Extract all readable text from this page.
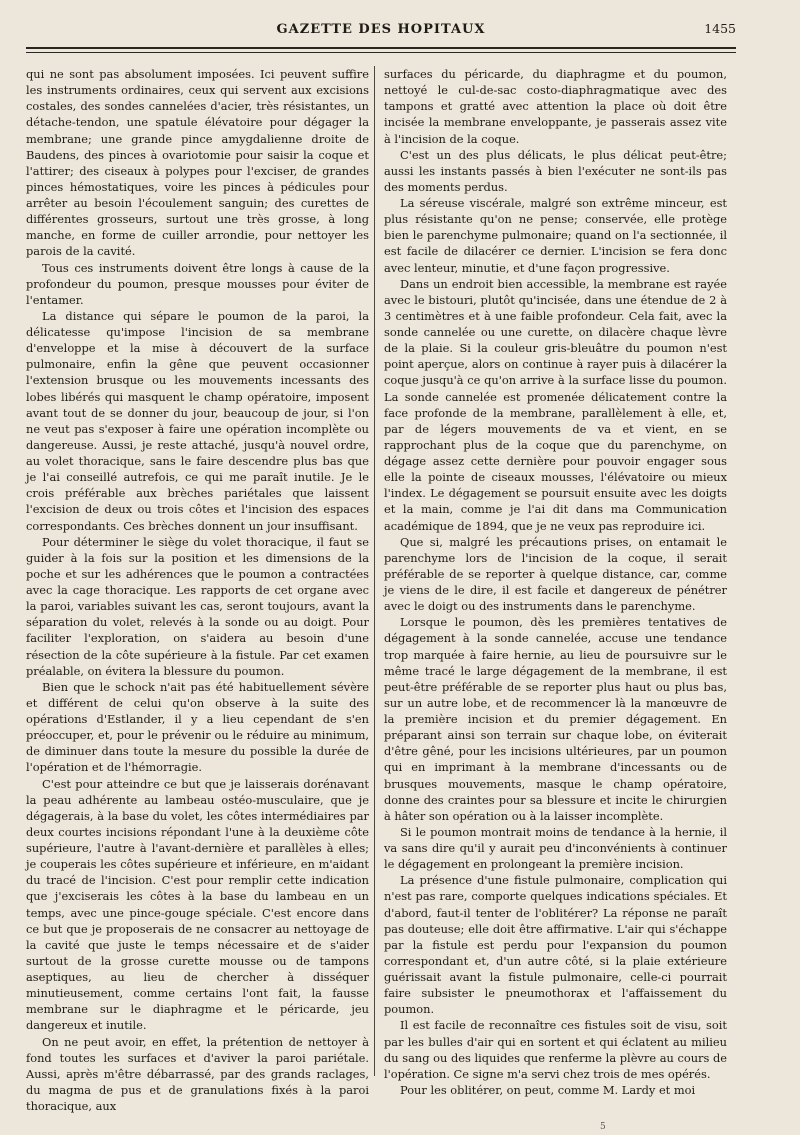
GAZETTE DES HOPITAUX	1455

qui ne sont pas absolument imposées. Ici peuvent suffire les instruments ordinaires, ceux qui servent aux excisions costales, des sondes cannelées d'acier, très résistantes, un détache-tendon, une spatule élévatoire pour dégager la membrane; une grande pince amygdalienne droite de Baudens, des pinces à ovariotomie pour saisir la coque et l'attirer; des ciseaux à polypes pour l'exciser, de grandes pinces hémostatiques, voire les pinces à pédicules pour arrêter au besoin l'écoulement sanguin; des curettes de différentes grosseurs, surtout une très grosse, à long manche, en forme de cuiller arrondie, pour nettoyer les parois de la cavité.

Tous ces instruments doivent être longs à cause de la profondeur du poumon, presque mousses pour éviter de l'entamer.

La distance qui sépare le poumon de la paroi, la délicatesse qu'impose l'incision de sa membrane d'enveloppe et la mise à découvert de la surface pulmonaire, enfin la gêne que peuvent occasionner l'extension brusque ou les mouvements incessants des lobes libérés qui masquent le champ opératoire, imposent avant tout de se donner du jour, beaucoup de jour, si l'on ne veut pas s'exposer à faire une opération incomplète ou dangereuse. Aussi, je reste attaché, jusqu'à nouvel ordre, au volet thoracique, sans le faire descendre plus bas que je l'ai conseillé autrefois, ce qui me paraît inutile. Je le crois préférable aux brèches pariétales que laissent l'excision de deux ou trois côtes et l'incision des espaces correspondants. Ces brèches donnent un jour insuffisant.

Pour déterminer le siège du volet thoracique, il faut se guider à la fois sur la position et les dimensions de la poche et sur les adhérences que le poumon a contractées avec la cage thoracique. Les rapports de cet organe avec la paroi, variables suivant les cas, seront toujours, avant la séparation du volet, relevés à la sonde ou au doigt. Pour faciliter l'exploration, on s'aidera au besoin d'une résection de la côte supérieure à la fistule. Par cet examen préalable, on évitera la blessure du poumon.

Bien que le schock n'ait pas été habituellement sévère et différent de celui qu'on observe à la suite des opérations d'Estlander, il y a lieu cependant de s'en préoccuper, et, pour le prévenir ou le réduire au minimum, de diminuer dans toute la mesure du possible la durée de l'opération et de l'hémorragie.

C'est pour atteindre ce but que je laisserais dorénavant la peau adhérente au lambeau ostéo-musculaire, que je dégagerais, à la base du volet, les côtes intermédiaires par deux courtes incisions répondant l'une à la deuxième côte supérieure, l'autre à l'avant-dernière et parallèles à elles; je couperais les côtes supérieure et inférieure, en m'aidant du tracé de l'incision. C'est pour remplir cette indication que j'exciserais les côtes à la base du lambeau en un temps, avec une pince-gouge spéciale. C'est encore dans ce but que je proposerais de ne consacrer au nettoyage de la cavité que juste le temps nécessaire et de s'aider surtout de la grosse curette mousse ou de tampons aseptiques, au lieu de chercher à disséquer minutieusement, comme certains l'ont fait, la fausse membrane sur le diaphragme et le péricarde, jeu dangereux et inutile.

On ne peut avoir, en effet, la prétention de nettoyer à fond toutes les surfaces et d'aviver la paroi pariétale. Aussi, après m'être débarrassé, par des grands raclages, du magma de pus et de granulations fixés à la paroi thoracique, aux

surfaces du péricarde, du diaphragme et du poumon, nettoyé le cul-de-sac costo-diaphragmatique avec des tampons et gratté avec attention la place où doit être incisée la membrane enveloppante, je passerais assez vite à l'incision de la coque.

C'est un des plus délicats, le plus délicat peut-être; aussi les instants passés à bien l'exécuter ne sont-ils pas des moments perdus.

La séreuse viscérale, malgré son extrême minceur, est plus résistante qu'on ne pense; conservée, elle protège bien le parenchyme pulmonaire; quand on l'a sectionnée, il est facile de dilacérer ce dernier. L'incision se fera donc avec lenteur, minutie, et d'une façon progressive.

Dans un endroit bien accessible, la membrane est rayée avec le bistouri, plutôt qu'incisée, dans une étendue de 2 à 3 centimètres et à une faible profondeur. Cela fait, avec la sonde cannelée ou une curette, on dilacère chaque lèvre de la plaie. Si la couleur gris-bleuâtre du poumon n'est point aperçue, alors on continue à rayer puis à dilacérer la coque jusqu'à ce qu'on arrive à la surface lisse du poumon. La sonde cannelée est promenée délicatement contre la face profonde de la membrane, parallèlement à elle, et, par de légers mouvements de va et vient, en se rapprochant plus de la coque que du parenchyme, on dégage assez cette dernière pour pouvoir engager sous elle la pointe de ciseaux mousses, l'élévatoire ou mieux l'index. Le dégagement se poursuit ensuite avec les doigts et la main, comme je l'ai dit dans ma Communication académique de 1894, que je ne veux pas reproduire ici.

Que si, malgré les précautions prises, on entamait le parenchyme lors de l'incision de la coque, il serait préférable de se reporter à quelque distance, car, comme je viens de le dire, il est facile et dangereux de pénétrer avec le doigt ou des instruments dans le parenchyme.

Lorsque le poumon, dès les premières tentatives de dégagement à la sonde cannelée, accuse une tendance trop marquée à faire hernie, au lieu de poursuivre sur le même tracé le large dégagement de la membrane, il est peut-être préférable de se reporter plus haut ou plus bas, sur un autre lobe, et de recommencer là la manœuvre de la première incision et du premier dégagement. En préparant ainsi son terrain sur chaque lobe, on éviterait d'être gêné, pour les incisions ultérieures, par un poumon qui en imprimant à la membrane d'incessants ou de brusques mouvements, masque le champ opératoire, donne des craintes pour sa blessure et incite le chirurgien à hâter son opération ou à la laisser incomplète.

Si le poumon montrait moins de tendance à la hernie, il va sans dire qu'il y aurait peu d'inconvénients à continuer le dégagement en prolongeant la première incision.

La présence d'une fistule pulmonaire, complication qui n'est pas rare, comporte quelques indications spéciales. Et d'abord, faut-il tenter de l'oblitérer? La réponse ne paraît pas douteuse; elle doit être affirmative. L'air qui s'échappe par la fistule est perdu pour l'expansion du poumon correspondant et, d'un autre côté, si la plaie extérieure guérissait avant la fistule pulmonaire, celle-ci pourrait faire subsister le pneumothorax et l'affaissement du poumon.

Il est facile de reconnaître ces fistules soit de visu, soit par les bulles d'air qui en sortent et qui éclatent au milieu du sang ou des liquides que renferme la plèvre au cours de l'opération. Ce signe m'a servi chez trois de mes opérés.

Pour les oblitérer, on peut, comme M. Lardy et moi

5
